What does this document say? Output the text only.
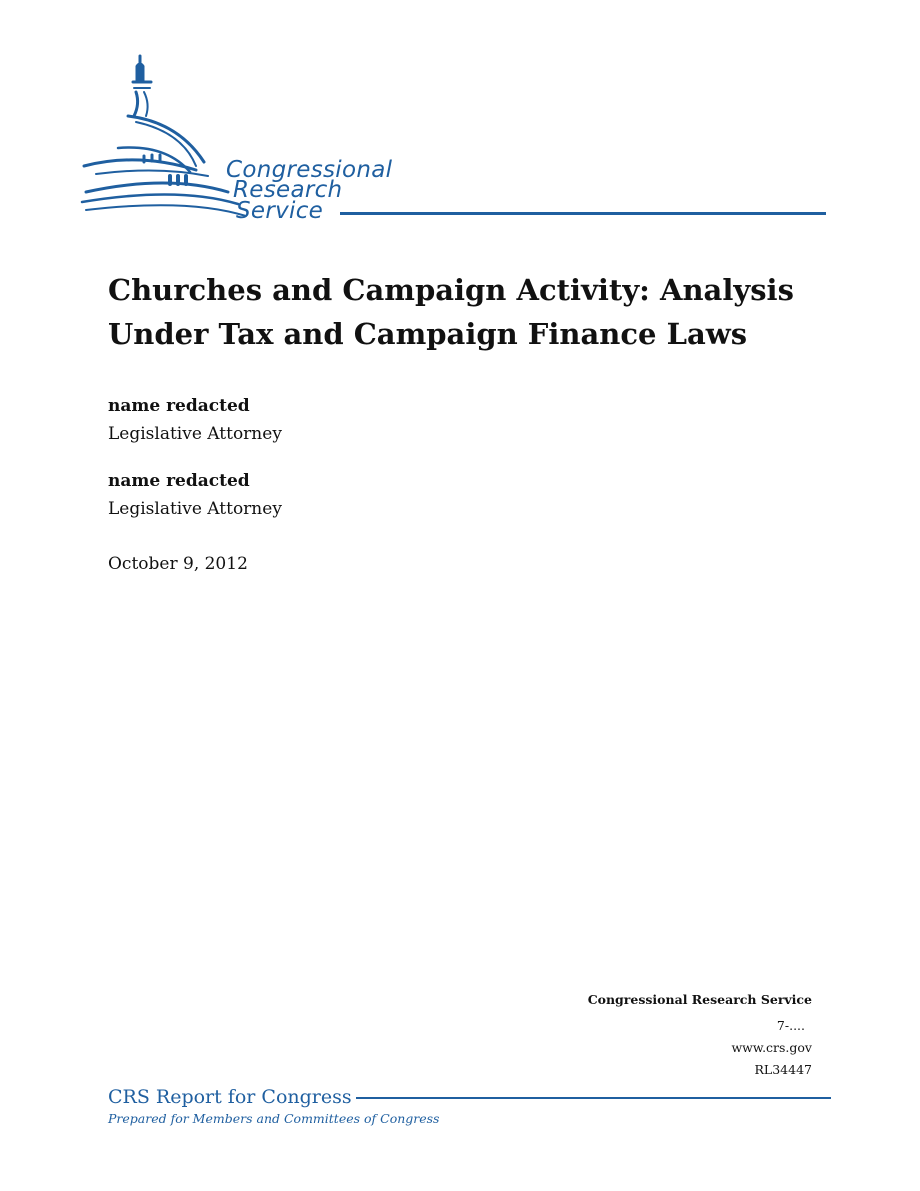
Congressional
Research
Service
Churches and Campaign Activity: Analysis Under Tax and Campaign Finance Laws
name redacted
Legislative Attorney
name redacted
Legislative Attorney
October 9, 2012
Congressional Research Service
7-....
www.crs.gov
RL34447
CRS Report for Congress
Prepared for Members and Committees of Congress
